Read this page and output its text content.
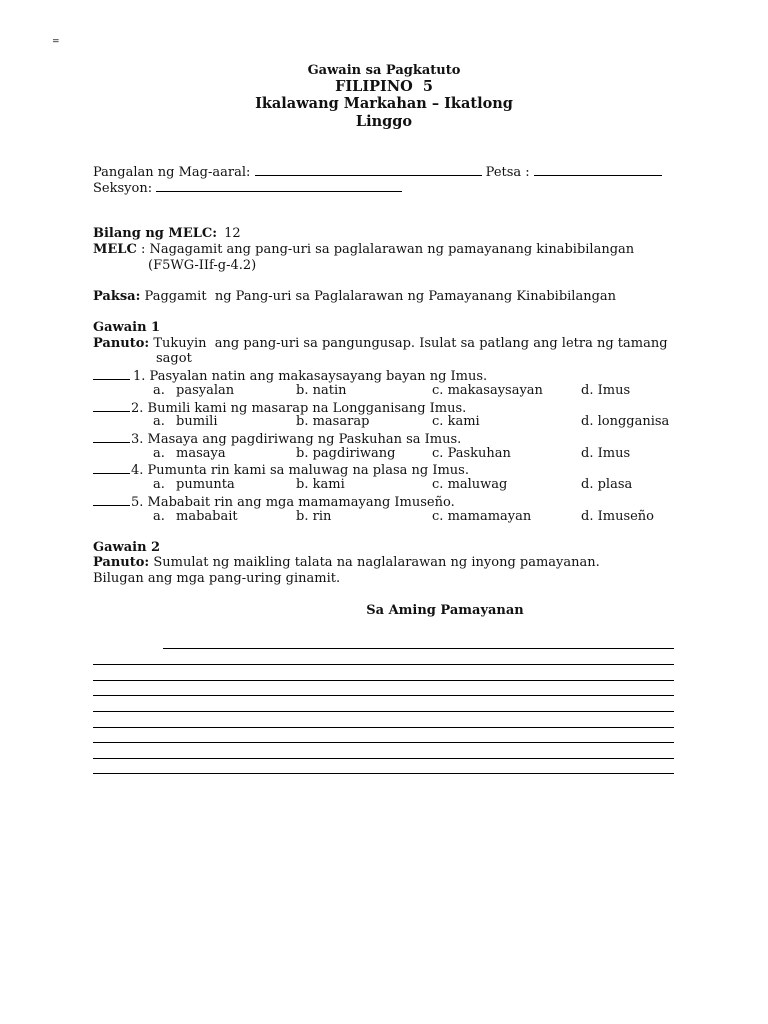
=
Gawain sa Pagkatuto
FILIPINO  5
Ikalawang Markahan – Ikatlong
Linggo
Pangalan ng Mag-aaral:	Petsa :
Seksyon:
Bilang ng MELC: 12
MELC : Nagagamit ang pang-uri sa paglalarawan ng pamayanang kinabibilangan
(F5WG-IIf-g-4.2)
Paksa: Paggamit  ng Pang-uri sa Paglalarawan ng Pamayanang Kinabibilangan
Gawain 1
Panuto: Tukuyin  ang pang-uri sa pangungusap. Isulat sa patlang ang letra ng tamang
sagot
1. Pasyalan natin ang makasaysayang bayan ng Imus.
a. pasyalan	b. natin	c. makasaysayan	d. Imus
2. Bumili kami ng masarap na Longganisang Imus.
a. bumili	b. masarap	c. kami	d. longganisa
3. Masaya ang pagdiriwang ng Paskuhan sa Imus.
a. masaya	b. pagdiriwang	c. Paskuhan	d. Imus
4. Pumunta rin kami sa maluwag na plasa ng Imus.
a. pumunta	b. kami	c. maluwag	d. plasa
5. Mababait rin ang mga mamamayang Imuseño.
a. mababait	b. rin	c. mamamayan	d. Imuseño
Gawain 2
Panuto: Sumulat ng maikling talata na naglalarawan ng inyong pamayanan.
Bilugan ang mga pang-uring ginamit.
Sa Aming Pamayanan
